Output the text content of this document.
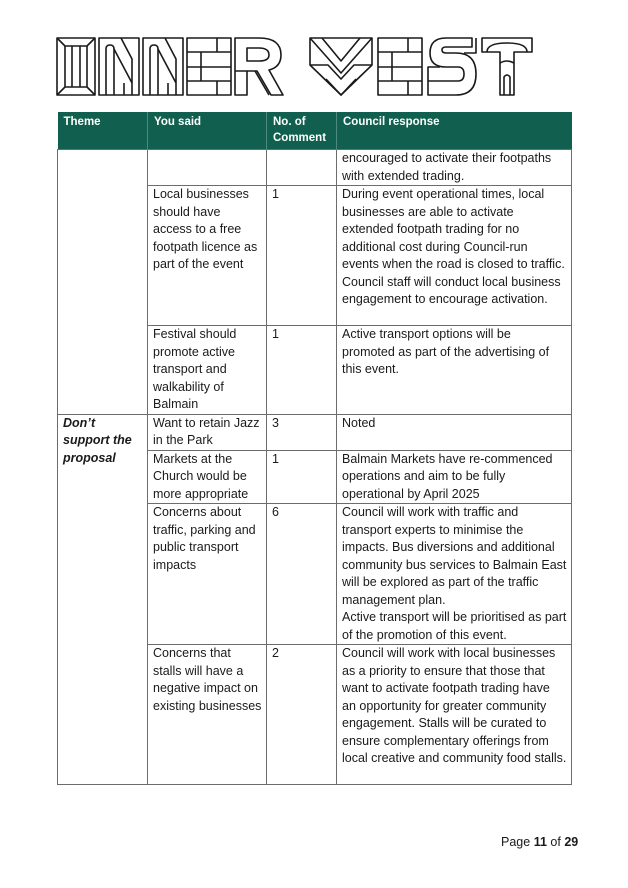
Theme	You said	No. of Comment	Council response
			encouraged to activate their footpaths with extended trading.
	Local businesses should have access to a free footpath licence as part of the event	1	During event operational times, local businesses are able to activate extended footpath trading for no additional cost during Council-run events when the road is closed to traffic. Council staff will conduct local business engagement to encourage activation.
	Festival should promote active transport and walkability of Balmain	1	Active transport options will be promoted as part of the advertising of this event.
Don’t support the proposal	Want to retain Jazz in the Park	3	Noted
	Markets at the Church would be more appropriate	1	Balmain Markets have re-commenced operations and aim to be fully operational by April 2025
	Concerns about traffic, parking and public transport impacts	6	Council will work with traffic and transport experts to minimise the impacts. Bus diversions and additional community bus services to Balmain East will be explored as part of the traffic management plan.
Active transport will be prioritised as part of the promotion of this event.

	Concerns that stalls will have a negative impact on existing businesses	2	Council will work with local businesses as a priority to ensure that those that want to activate footpath trading have an opportunity for greater community engagement. Stalls will be curated to ensure complementary offerings from local creative and community food stalls.
Page 11 of 29
